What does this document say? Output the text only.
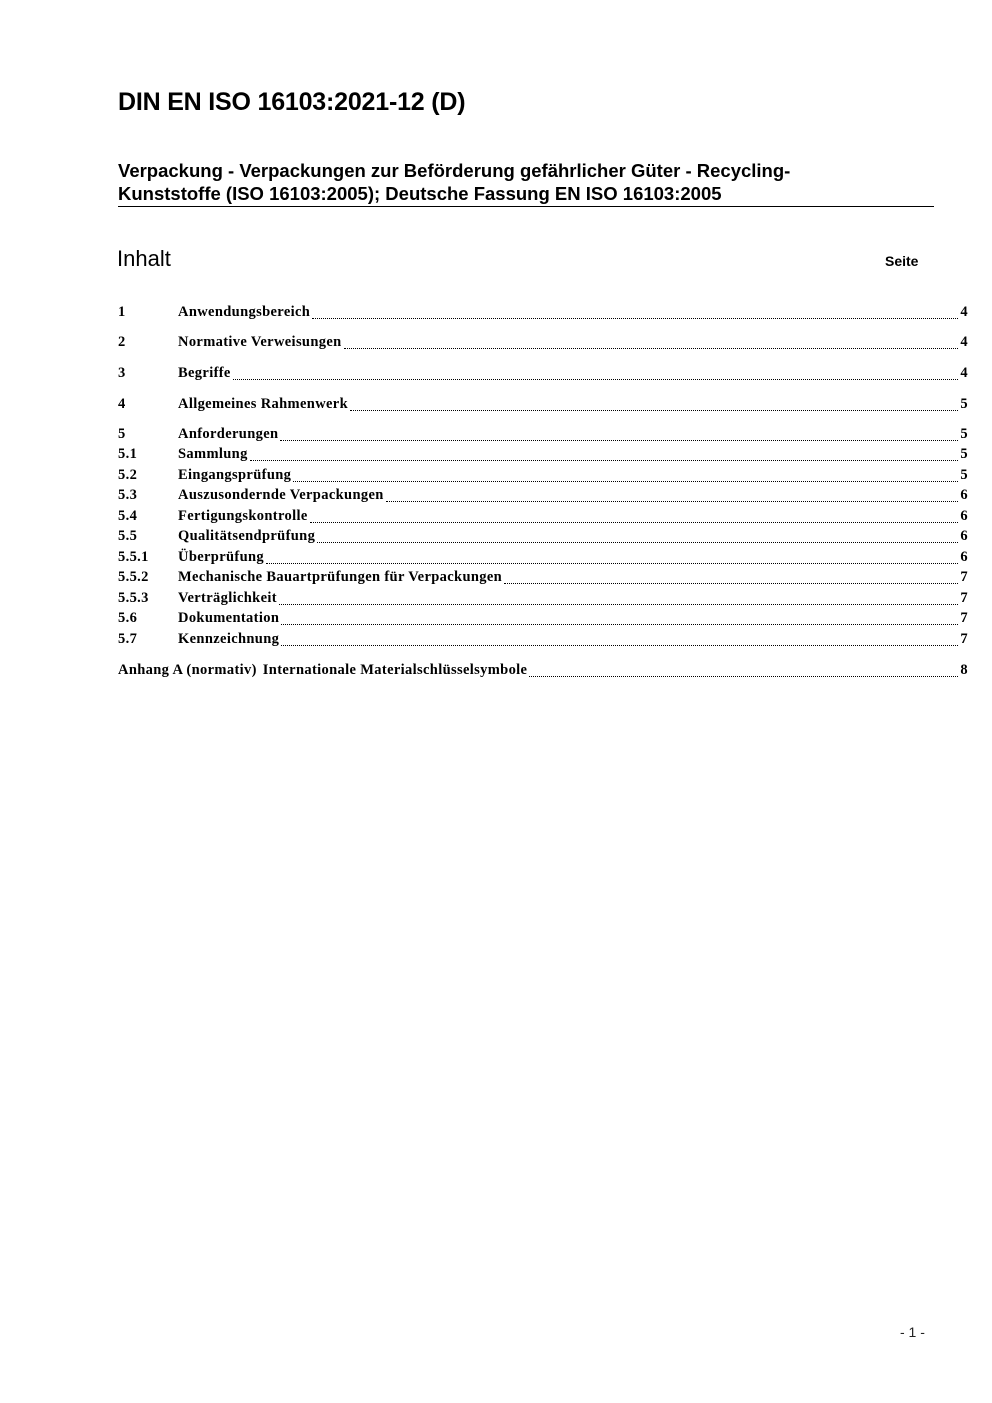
DIN EN ISO 16103:2021-12 (D)
Verpackung - Verpackungen zur Beförderung gefährlicher Güter - Recycling-
Kunststoffe (ISO 16103:2005); Deutsche Fassung EN ISO 16103:2005
Inhalt	Seite
1	Anwendungsbereich	4
2	Normative Verweisungen	4
3	Begriffe	4
4	Allgemeines Rahmenwerk	5
5	Anforderungen	5
5.1	Sammlung	5
5.2	Eingangsprüfung	5
5.3	Auszusondernde Verpackungen	6
5.4	Fertigungskontrolle	6
5.5	Qualitätsendprüfung	6
5.5.1 Überprüfung	6
5.5.2 Mechanische Bauartprüfungen für Verpackungen	7
5.5.3 Verträglichkeit	7
5.6	Dokumentation	7
5.7	Kennzeichnung	7
Anhang A (normativ) Internationale Materialschlüsselsymbole	8
- 1 -
